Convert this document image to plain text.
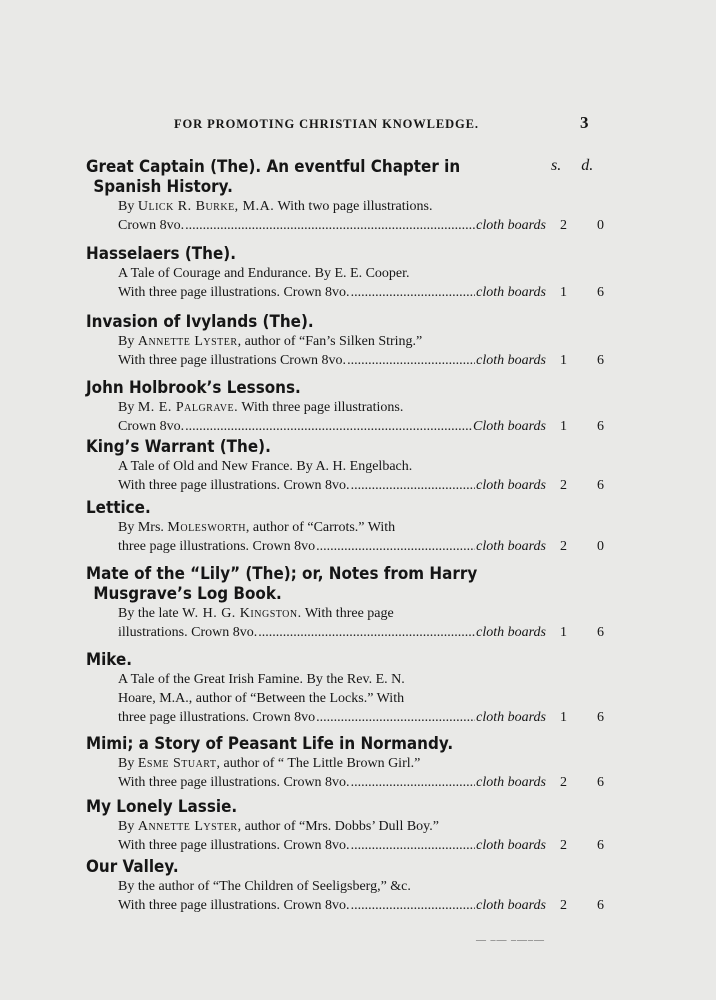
FOR PROMOTING CHRISTIAN KNOWLEDGE.	3
s. d.
Great Captain (The). An eventful Chapter in
Spanish History.
By Ulick R. Burke, M.A. With two page illustrations.
Crown 8vo. .....	cloth boards 2 0
Hasselaers (The).
A Tale of Courage and Endurance. By E. E. Cooper.
With three page illustrations. Crown 8vo. .....	cloth boards 1 6
Invasion of Ivylands (The).
By Annette Lyster, author of “Fan’s Silken String.”
With three page illustrations Crown 8vo. .....	cloth boards 1 6
John Holbrook’s Lessons.
By M. E. Palgrave. With three page illustrations.
Crown 8vo. .....	Cloth boards 1 6
King’s Warrant (The).
A Tale of Old and New France. By A. H. Engelbach.
With three page illustrations. Crown 8vo. .....	cloth boards 2 6
Lettice.
By Mrs. Molesworth, author of “Carrots.” With
three page illustrations. Crown 8vo .....	cloth boards 2 0
Mate of the “Lily” (The); or, Notes from Harry
Musgrave’s Log Book.
By the late W. H. G. Kingston. With three page
illustrations. Crown 8vo. .....	cloth boards 1 6
Mike.
A Tale of the Great Irish Famine. By the Rev. E. N.
Hoare, M.A., author of “Between the Locks.” With
three page illustrations. Crown 8vo .....	cloth boards 1 6
Mimi; a Story of Peasant Life in Normandy.
By Esme Stuart, author of “ The Little Brown Girl.”
With three page illustrations. Crown 8vo. .....	cloth boards 2 6
My Lonely Lassie.
By Annette Lyster, author of “Mrs. Dobbs’ Dull Boy.”
With three page illustrations. Crown 8vo. .....	cloth boards 2 6
Our Valley.
By the author of “The Children of Seeligsberg,” &c.
With three page illustrations. Crown 8vo. .....	cloth boards 2 6
— –— –—–—
